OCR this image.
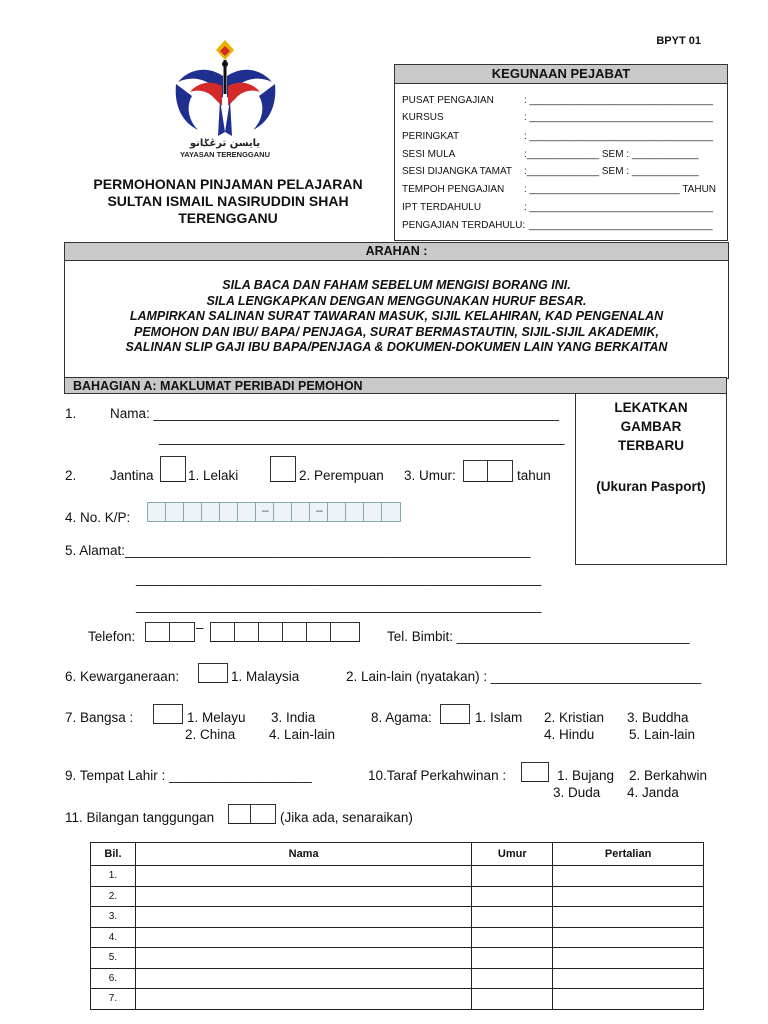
BPYT 01
يايسن ترڠݢانو
YAYASAN TERENGGANU
PERMOHONAN PINJAMAN PELAJARAN
SULTAN ISMAIL NASIRUDDIN SHAH
TERENGGANU
KEGUNAAN PEJABAT
PUSAT PENGAJIAN	: _________________________________
KURSUS	: _________________________________
PERINGKAT	: _________________________________
SESI MULA	:_____________ SEM : ____________
SESI DIJANGKA TAMAT :_____________ SEM : ____________
TEMPOH PENGAJIAN : ___________________________ TAHUN
IPT TERDAHULU	: _________________________________
PENGAJIAN TERDAHULU: _________________________________
ARAHAN :
SILA BACA DAN FAHAM SEBELUM MENGISI BORANG INI.
SILA LENGKAPKAN DENGAN MENGGUNAKAN HURUF BESAR.
LAMPIRKAN SALINAN SURAT TAWARAN MASUK, SIJIL KELAHIRAN, KAD PENGENALAN
PEMOHON DAN IBU/ BAPA/ PENJAGA, SURAT BERMASTAUTIN, SIJIL-SIJIL AKADEMIK,
SALINAN SLIP GAJI IBU BAPA/PENJAGA & DOKUMEN-DOKUMEN LAIN YANG BERKAITAN
BAHAGIAN A: MAKLUMAT PERIBADI PEMOHON
LEKATKAN
GAMBAR
TERBARU
(Ukuran Pasport)
1. Nama: ______________________________________________________
______________________________________________________
2. Jantina	1. Lelaki	2. Perempuan 3. Umur:	tahun
4. No. K/P:	–	–
5. Alamat:______________________________________________________
______________________________________________________
______________________________________________________
Telefon:
–
Tel. Bimbit: _______________________________
6. Kewarganeraan:	1. Malaysia	2. Lain-lain (nyatakan) : ____________________________
7. Bangsa :	1. Melayu 3. India
2. China 4. Lain-lain
8. Agama:	1. Islam 2. Kristian 3. Buddha
4. Hindu	5. Lain-lain
9. Tempat Lahir : ___________________	10.Taraf Perkahwinan :	1. Bujang 2. Berkahwin
3. Duda 4. Janda
11. Bilangan tanggungan	(Jika ada, senaraikan)
Bil.	Nama	Umur	Pertalian
1.			
2.			
3.			
4.			
5.			
6.			
7.			
